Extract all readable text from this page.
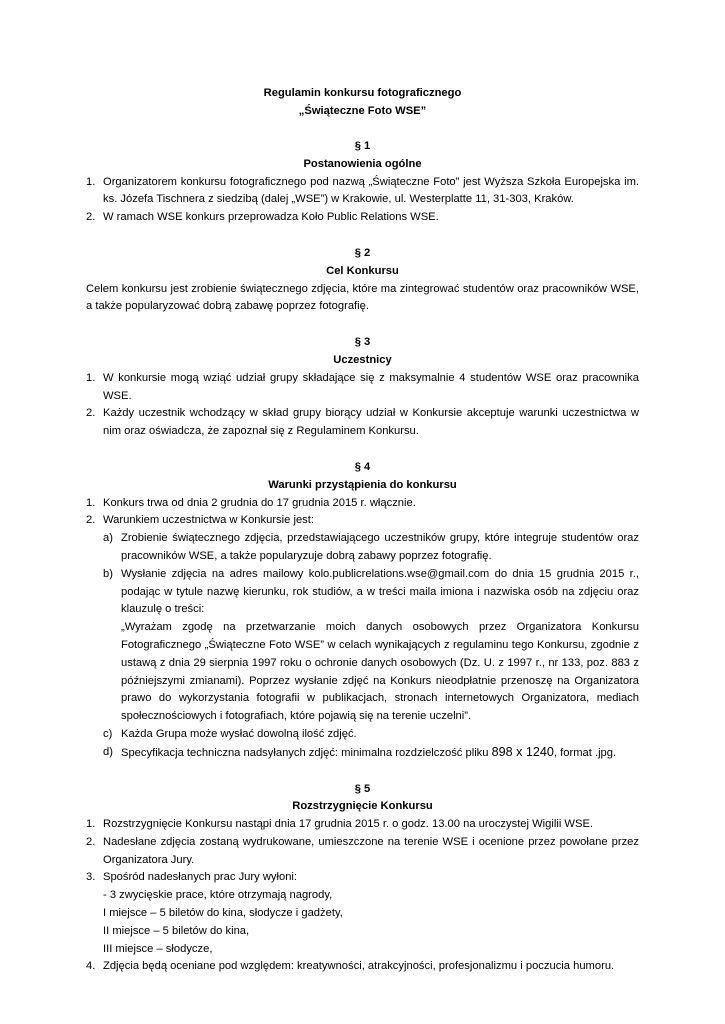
Regulamin konkursu fotograficznego
„Świąteczne Foto WSE”
§ 1
Postanowienia ogólne
1. Organizatorem konkursu fotograficznego pod nazwą „Świąteczne Foto” jest Wyższa Szkoła Europejska im. ks. Józefa Tischnera z siedzibą (dalej „WSE”) w Krakowie, ul. Westerplatte 11, 31-303, Kraków.
2. W ramach WSE konkurs przeprowadza Koło Public Relations WSE.
§ 2
Cel Konkursu
Celem konkursu jest zrobienie świątecznego zdjęcia, które ma zintegrować studentów oraz pracowników WSE, a także popularyzować dobrą zabawę poprzez fotografię.
§ 3
Uczestnicy
1. W konkursie mogą wziąć udział grupy składające się z maksymalnie 4 studentów WSE oraz pracownika WSE.
2. Każdy uczestnik wchodzący w skład grupy biorący udział w Konkursie akceptuje warunki uczestnictwa w nim oraz oświadcza, że zapoznał się z Regulaminem Konkursu.
§ 4
Warunki przystąpienia do konkursu
1. Konkurs trwa od dnia 2 grudnia do 17 grudnia 2015 r. włącznie.
2. Warunkiem uczestnictwa w Konkursie jest:
a) Zrobienie świątecznego zdjęcia, przedstawiającego uczestników grupy, które integruje studentów oraz pracowników WSE, a także popularyzuje dobrą zabawy poprzez fotografię.
b) Wysłanie zdjęcia na adres mailowy kolo.publicrelations.wse@gmail.com do dnia 15 grudnia 2015 r., podając w tytule nazwę kierunku, rok studiów, a w treści maila imiona i nazwiska osób na zdjęciu oraz klauzulę o treści:
„Wyrażam zgodę na przetwarzanie moich danych osobowych przez Organizatora Konkursu Fotograficznego „Świąteczne Foto WSE” w celach wynikających z regulaminu tego Konkursu, zgodnie z ustawą z dnia 29 sierpnia 1997 roku o ochronie danych osobowych (Dz. U. z 1997 r., nr 133, poz. 883 z późniejszymi zmianami). Poprzez wysłanie zdjęć na Konkurs nieodpłatnie przenoszę na Organizatora prawo do wykorzystania fotografii w publikacjach, stronach internetowych Organizatora, mediach społecznościowych i fotografiach, które pojawią się na terenie uczelni”.
c) Każda Grupa może wysłać dowolną ilość zdjęć.
d) Specyfikacja techniczna nadsyłanych zdjęć: minimalna rozdzielczość pliku 898 x 1240, format .jpg.
§ 5
Rozstrzygnięcie Konkursu
1. Rozstrzygnięcie Konkursu nastąpi dnia 17 grudnia 2015 r. o godz. 13.00 na uroczystej Wigilii WSE.
2. Nadesłane zdjęcia zostaną wydrukowane, umieszczone na terenie WSE i ocenione przez powołane przez Organizatora Jury.
3. Spośród nadesłanych prac Jury wyłoni:
- 3 zwycięskie prace, które otrzymają nagrody,
I miejsce – 5 biletów do kina, słodycze i gadżety,
II miejsce – 5 biletów do kina,
III miejsce – słodycze,
4. Zdjęcia będą oceniane pod względem: kreatywności, atrakcyjności, profesjonalizmu i poczucia humoru.
